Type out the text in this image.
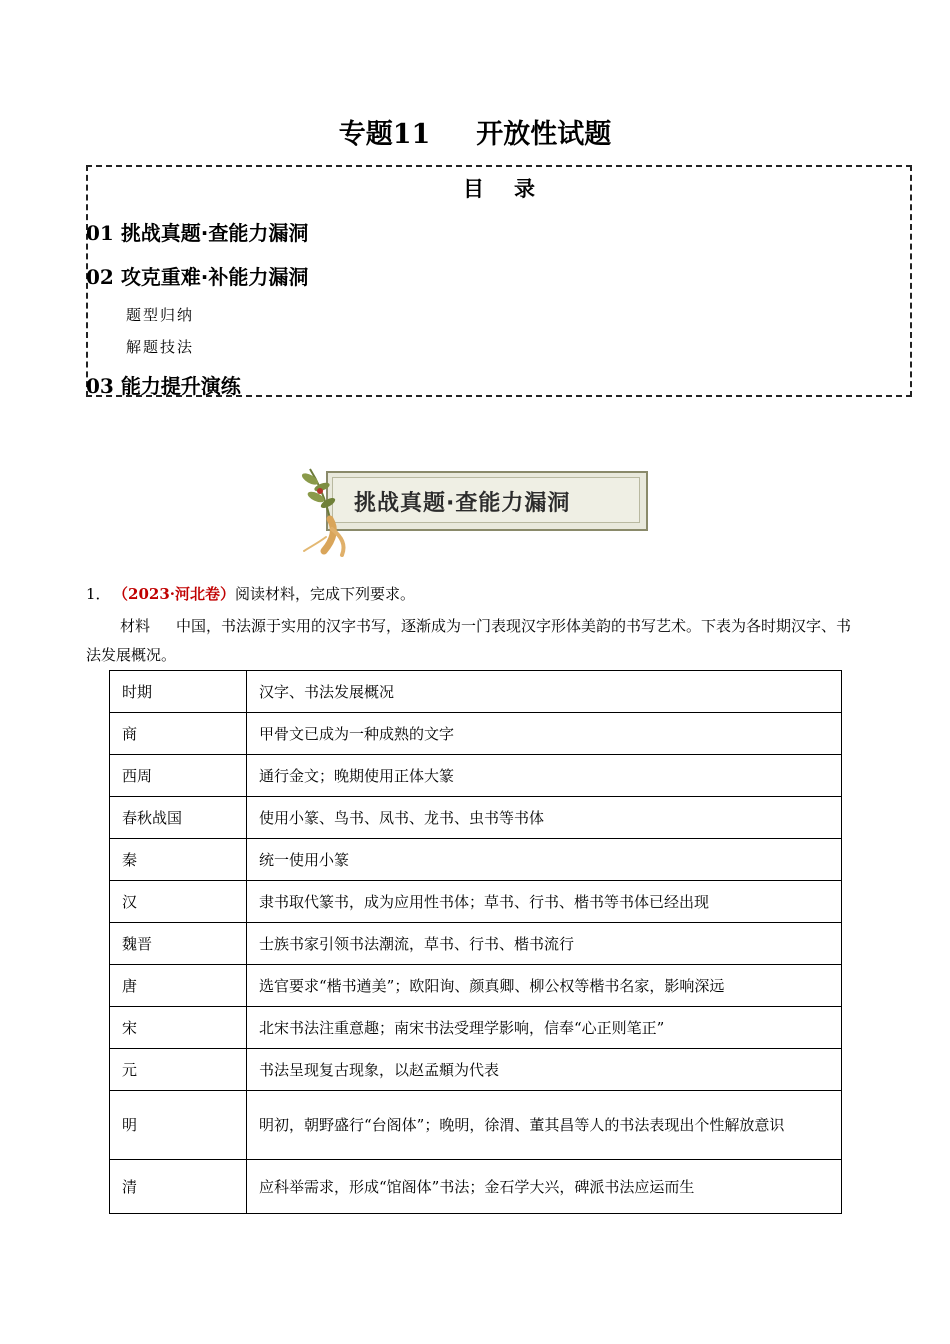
专题11 开放性试题
目录
01 挑战真题·查能力漏洞
02 攻克重难·补能力漏洞
题型归纳
解题技法
03 能力提升演练
挑战真题·查能力漏洞
1． （2023·河北卷）阅读材料，完成下列要求。

材料 中国，书法源于实用的汉字书写，逐渐成为一门表现汉字形体美韵的书写艺术。下表为各时期汉字、书法发展概况。

时期	汉字、书法发展概况
商	甲骨文已成为一种成熟的文字
西周	通行金文；晚期使用正体大篆
春秋战国	使用小篆、鸟书、凤书、龙书、虫书等书体
秦	统一使用小篆
汉	隶书取代篆书，成为应用性书体；草书、行书、楷书等书体已经出现
魏晋	士族书家引领书法潮流，草书、行书、楷书流行
唐	选官要求“楷书遒美”；欧阳询、颜真卿、柳公权等楷书名家，影响深远
宋	北宋书法注重意趣；南宋书法受理学影响，信奉“心正则笔正”
元	书法呈现复古现象，以赵孟頫为代表
明	明初，朝野盛行“台阁体”；晚明，徐渭、董其昌等人的书法表现出个性解放意识
清	应科举需求，形成“馆阁体”书法；金石学大兴，碑派书法应运而生
